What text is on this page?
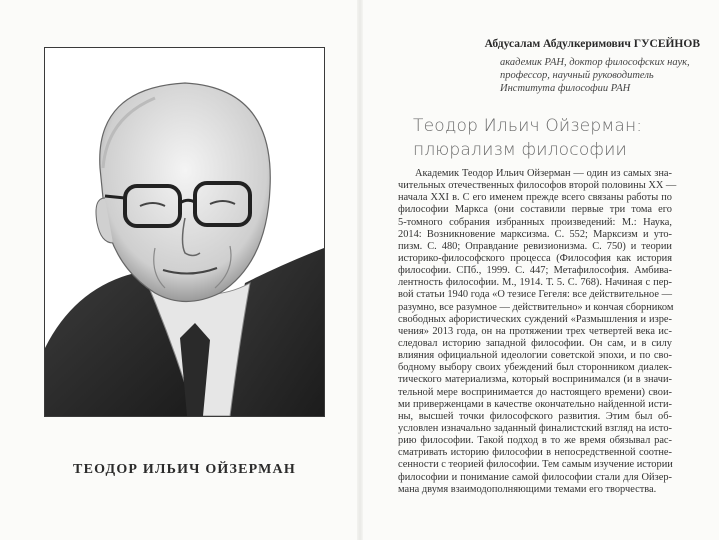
ТЕОДОР ИЛЬИЧ ОЙЗЕРМАН
Абдусалам Абдулкеримович ГУСЕЙНОВ
академик РАН, доктор философских наук,
профессор, научный руководитель
Института философии РАН
Теодор Ильич Ойзерман:
плюрализм философии
Академик Теодор Ильич Ойзерман — один из самых зна-
чительных отечественных философов второй половины XX —
начала XXI в. С его именем прежде всего связаны работы по
философии Маркса (они составили первые три тома его
5-томного собрания избранных произведений: М.: Наука,
2014: Возникновение марксизма. С. 552; Марксизм и уто-
пизм. С. 480; Оправдание ревизионизма. С. 750) и теории
историко-философского процесса (Философия как история
философии. СПб., 1999. С. 447; Метафилософия. Амбива-
лентность философии. М., 1914. Т. 5. С. 768). Начиная с пер-
вой статьи 1940 года «О тезисе Гегеля: все действительное —
разумно, все разумное — действительно» и кончая сборником
свободных афористических суждений «Размышления и изре-
чения» 2013 года, он на протяжении трех четвертей века ис-
следовал историю западной философии. Он сам, и в силу
влияния официальной идеологии советской эпохи, и по сво-
бодному выбору своих убеждений был сторонником диалек-
тического материализма, который воспринимался (и в значи-
тельной мере воспринимается до настоящего времени) свои-
ми приверженцами в качестве окончательно найденной исти-
ны, высшей точки философского развития. Этим был об-
условлен изначально заданный финалистский взгляд на исто-
рию философии. Такой подход в то же время обязывал рас-
сматривать историю философии в непосредственной соотне-
сенности с теорией философии. Тем самым изучение истории
философии и понимание самой философии стали для Ойзер-
мана двумя взаимодополняющими темами его творчества.
